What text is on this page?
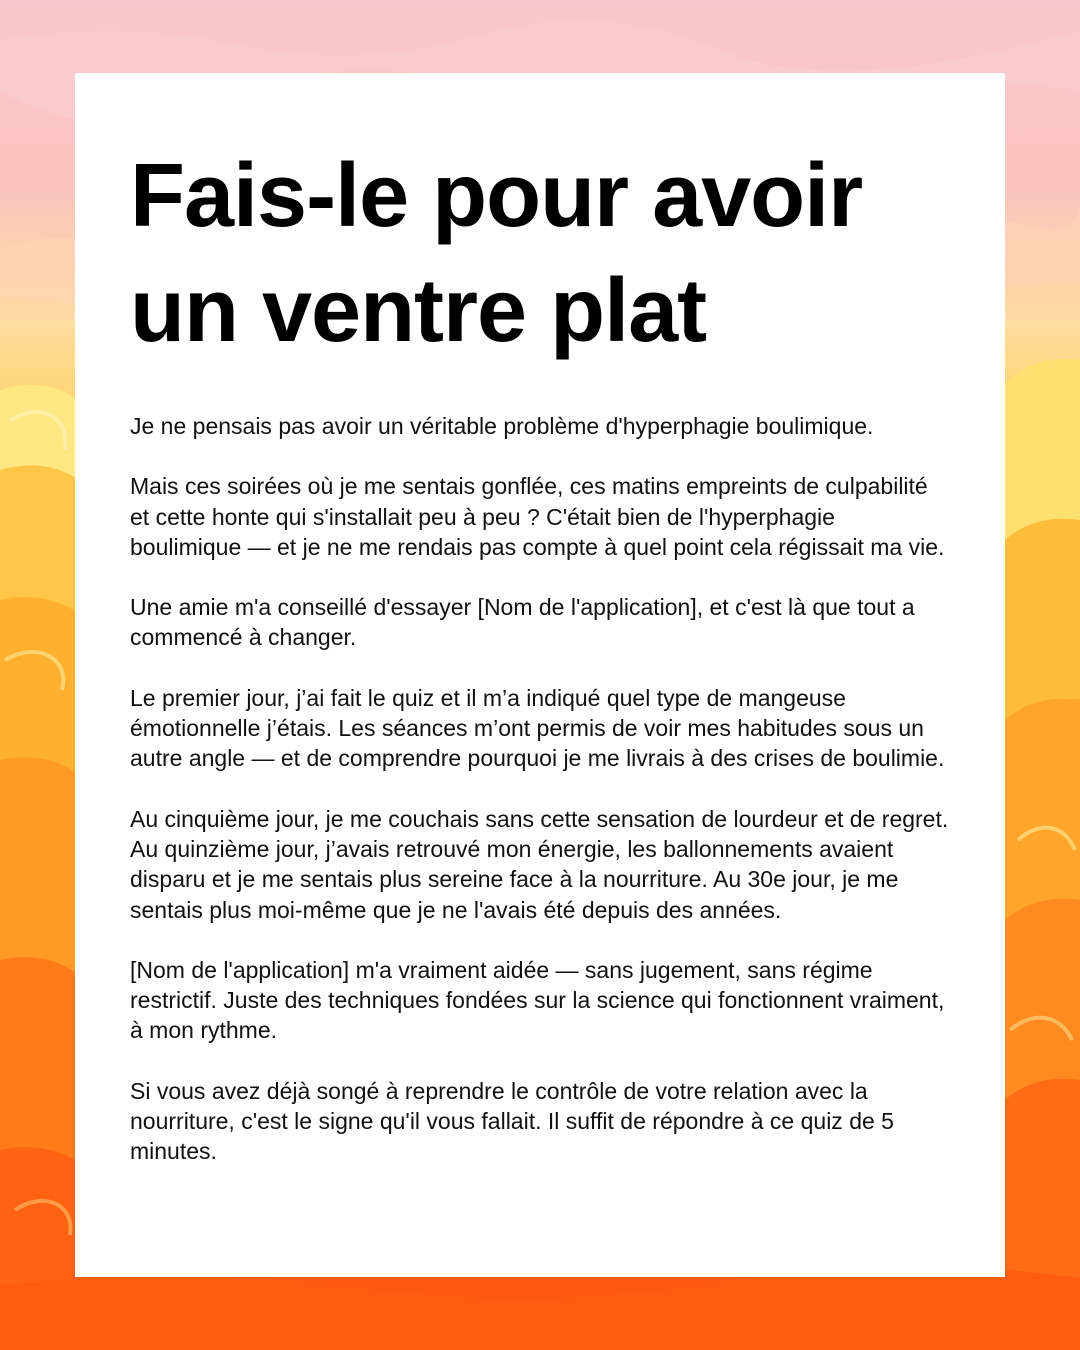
Fais-le pour avoir un ventre plat

Je ne pensais pas avoir un véritable problème d'hyperphagie boulimique.

Mais ces soirées où je me sentais gonflée, ces matins empreints de culpabilité et cette honte qui s'installait peu à peu ? C'était bien de l'hyperphagie boulimique — et je ne me rendais pas compte à quel point cela régissait ma vie.

Une amie m'a conseillé d'essayer [Nom de l'application], et c'est là que tout a commencé à changer.

Le premier jour, j’ai fait le quiz et il m’a indiqué quel type de mangeuse émotionnelle j’étais. Les séances m’ont permis de voir mes habitudes sous un autre angle — et de comprendre pourquoi je me livrais à des crises de boulimie.

Au cinquième jour, je me couchais sans cette sensation de lourdeur et de regret. Au quinzième jour, j’avais retrouvé mon énergie, les ballonnements avaient disparu et je me sentais plus sereine face à la nourriture. Au 30e jour, je me sentais plus moi-même que je ne l'avais été depuis des années.

[Nom de l'application] m'a vraiment aidée — sans jugement, sans régime restrictif. Juste des techniques fondées sur la science qui fonctionnent vraiment, à mon rythme.

Si vous avez déjà songé à reprendre le contrôle de votre relation avec la nourriture, c'est le signe qu'il vous fallait. Il suffit de répondre à ce quiz de 5 minutes.
